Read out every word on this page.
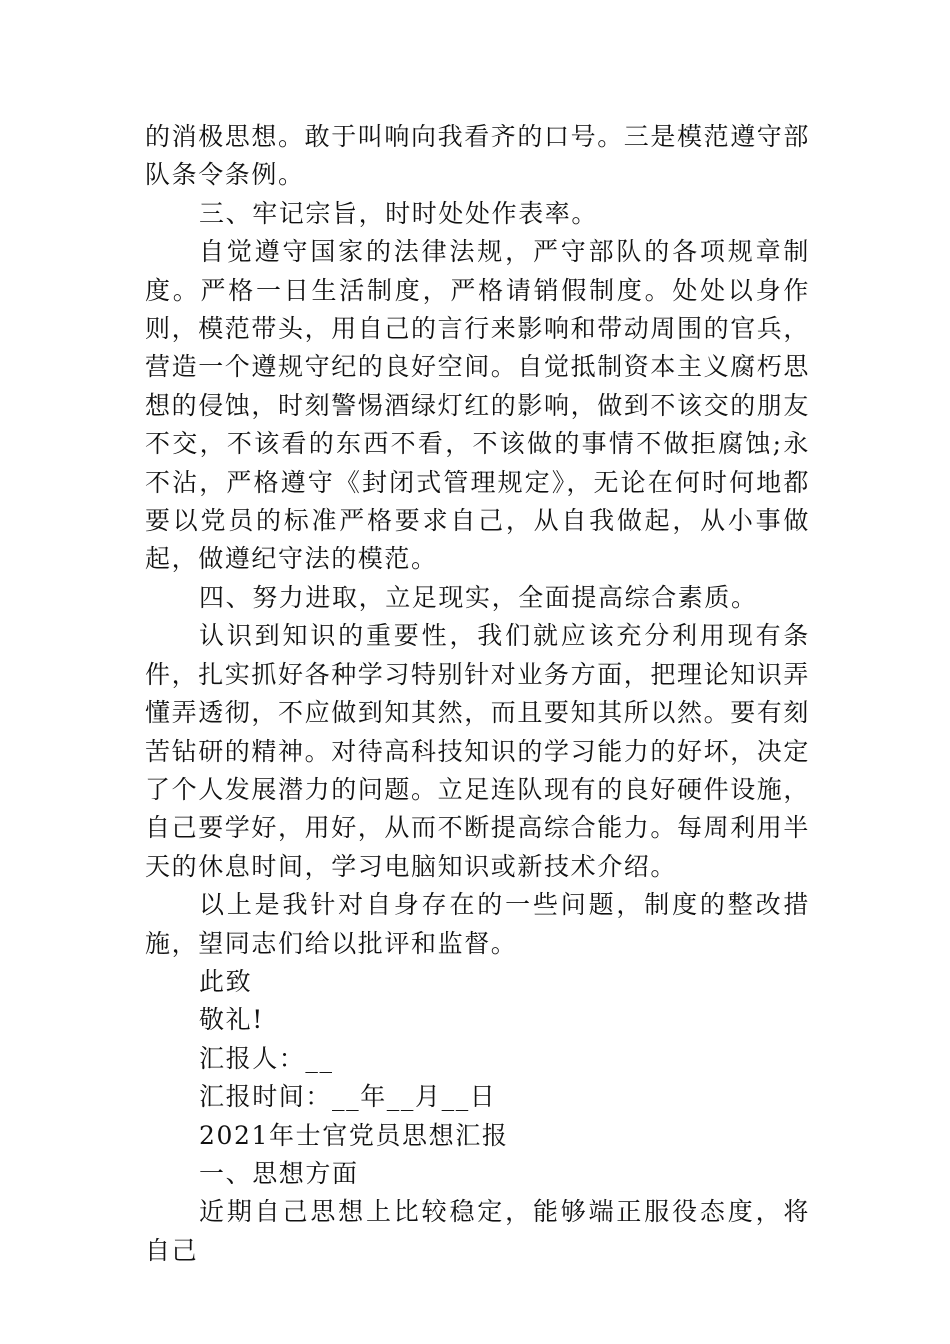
的消极思想。敢于叫响向我看齐的口号。三是模范遵守部队条令条例。

三、牢记宗旨，时时处处作表率。

自觉遵守国家的法律法规，严守部队的各项规章制度。严格一日生活制度，严格请销假制度。处处以身作则，模范带头，用自己的言行来影响和带动周围的官兵，营造一个遵规守纪的良好空间。自觉抵制资本主义腐朽思想的侵蚀，时刻警惕酒绿灯红的影响，做到不该交的朋友不交，不该看的东西不看，不该做的事情不做拒腐蚀;永不沾，严格遵守《封闭式管理规定》，无论在何时何地都要以党员的标准严格要求自己，从自我做起，从小事做起，做遵纪守法的模范。

四、努力进取，立足现实，全面提高综合素质。

认识到知识的重要性，我们就应该充分利用现有条件，扎实抓好各种学习特别针对业务方面，把理论知识弄懂弄透彻，不应做到知其然，而且要知其所以然。要有刻苦钻研的精神。对待高科技知识的学习能力的好坏，决定了个人发展潜力的问题。立足连队现有的良好硬件设施，自己要学好，用好，从而不断提高综合能力。每周利用半天的休息时间，学习电脑知识或新技术介绍。

以上是我针对自身存在的一些问题，制度的整改措施，望同志们给以批评和监督。

此致

敬礼!

汇报人：__

汇报时间：__年__月__日

2021年士官党员思想汇报

一、思想方面

近期自己思想上比较稳定，能够端正服役态度，将自己
